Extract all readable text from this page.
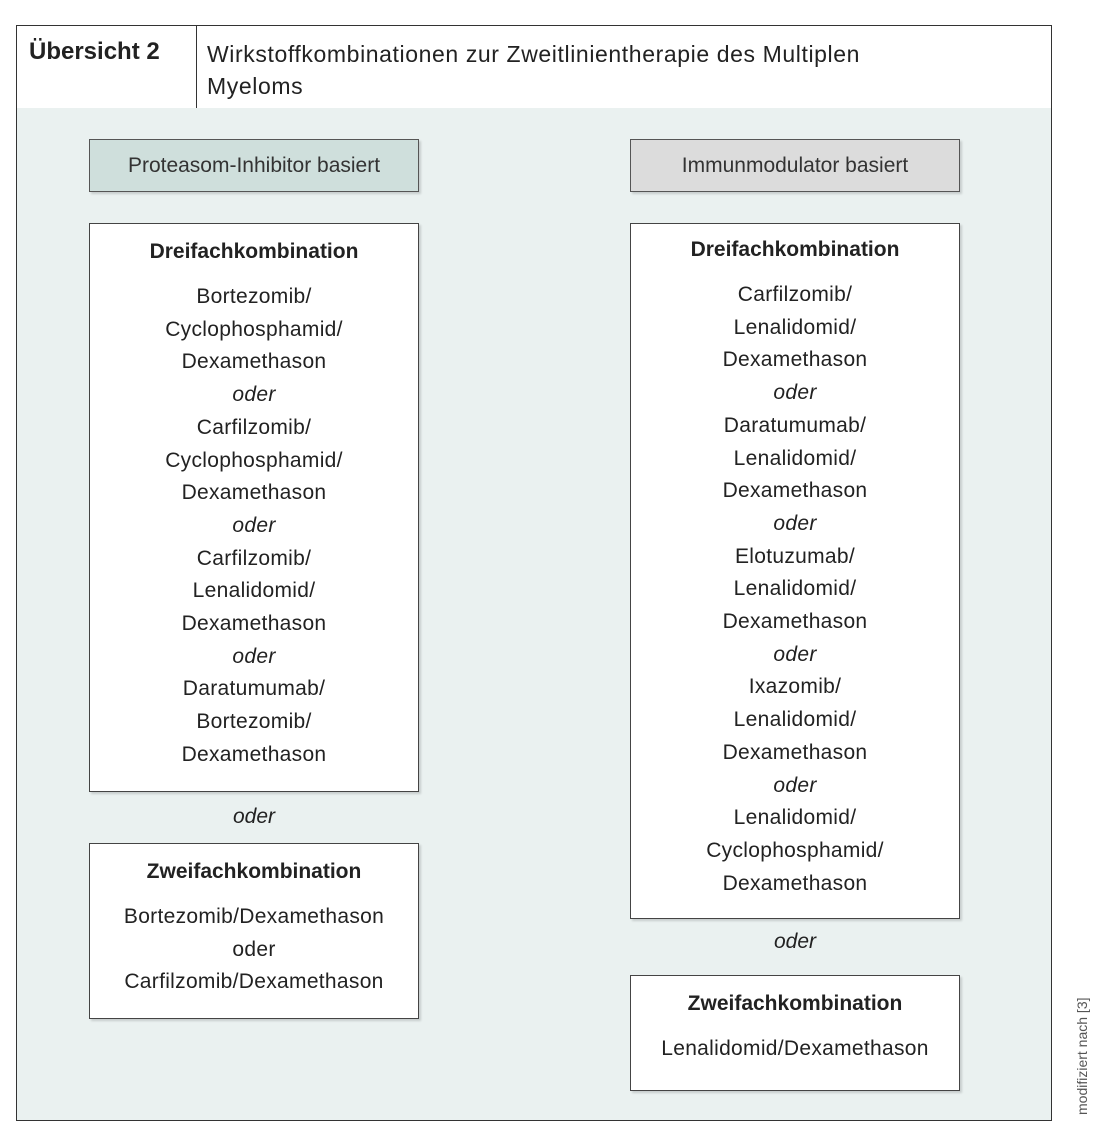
Übersicht 2	Wirkstoffkombinationen zur Zweitlinientherapie des Multiplen
Myeloms
Proteasom-Inhibitor basiert
Dreifachkombination
Bortezomib/
Cyclophosphamid/
Dexamethason
oder
Carfilzomib/
Cyclophosphamid/
Dexamethason
oder
Carfilzomib/
Lenalidomid/
Dexamethason
oder
Daratumumab/
Bortezomib/
Dexamethason
oder
Zweifachkombination
Bortezomib/Dexamethason
oder
Carfilzomib/Dexamethason
Immunmodulator basiert
Dreifachkombination
Carfilzomib/
Lenalidomid/
Dexamethason
oder
Daratumumab/
Lenalidomid/
Dexamethason
oder
Elotuzumab/
Lenalidomid/
Dexamethason
oder
Ixazomib/
Lenalidomid/
Dexamethason
oder
Lenalidomid/
Cyclophosphamid/
Dexamethason
oder
Zweifachkombination
Lenalidomid/Dexamethason	modifiziert nach [3]
